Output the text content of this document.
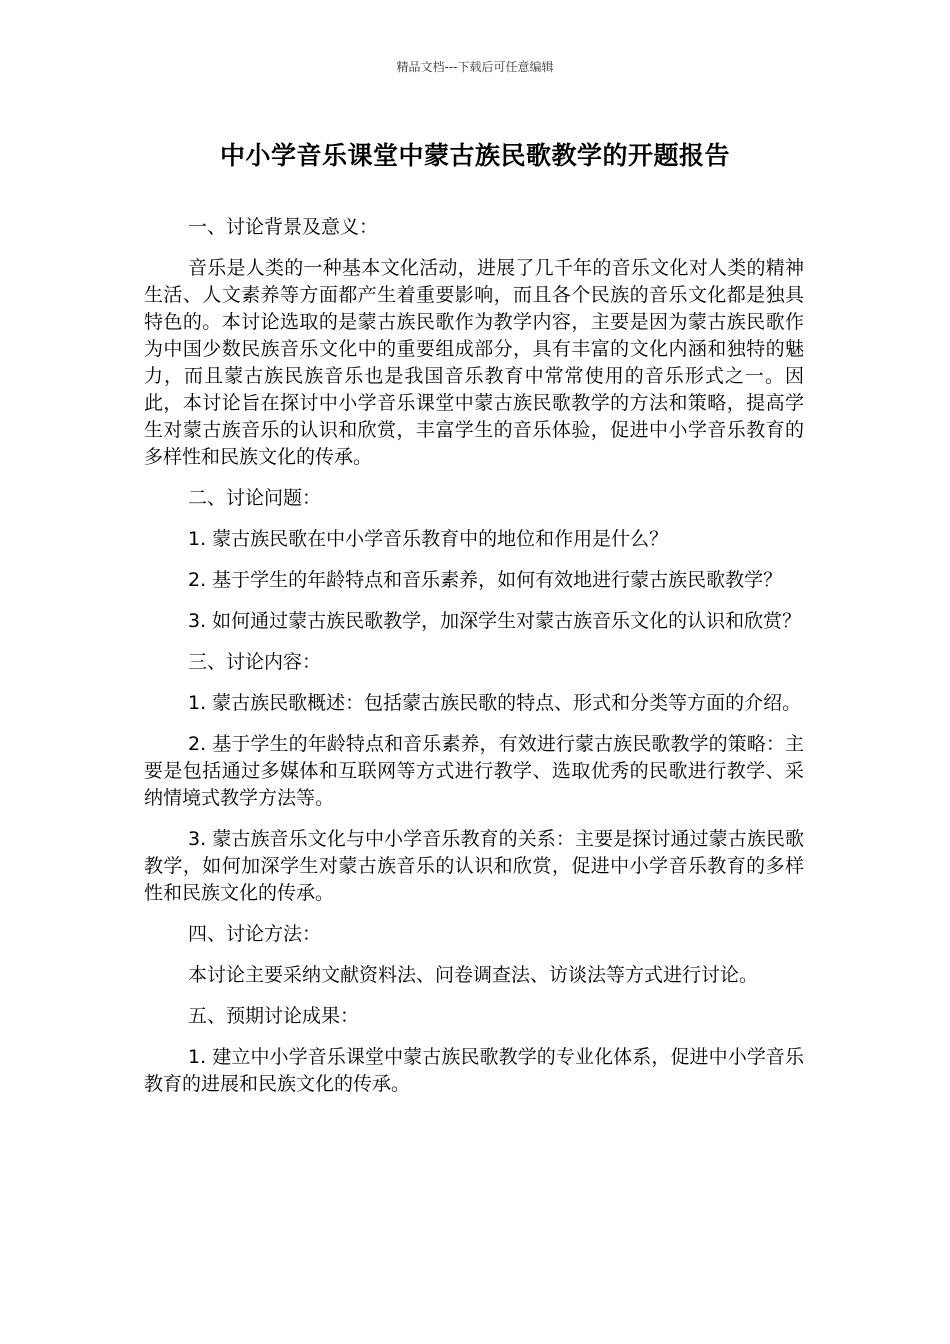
精品文档---下载后可任意编辑
中小学音乐课堂中蒙古族民歌教学的开题报告

一、讨论背景及意义：

音乐是人类的一种基本文化活动，进展了几千年的音乐文化对人类的精神生活、人文素养等方面都产生着重要影响，而且各个民族的音乐文化都是独具特色的。本讨论选取的是蒙古族民歌作为教学内容，主要是因为蒙古族民歌作为中国少数民族音乐文化中的重要组成部分，具有丰富的文化内涵和独特的魅力，而且蒙古族民族音乐也是我国音乐教育中常常使用的音乐形式之一。因此，本讨论旨在探讨中小学音乐课堂中蒙古族民歌教学的方法和策略，提高学生对蒙古族音乐的认识和欣赏，丰富学生的音乐体验，促进中小学音乐教育的多样性和民族文化的传承。

二、讨论问题：

1. 蒙古族民歌在中小学音乐教育中的地位和作用是什么？

2. 基于学生的年龄特点和音乐素养，如何有效地进行蒙古族民歌教学？

3. 如何通过蒙古族民歌教学，加深学生对蒙古族音乐文化的认识和欣赏？

三、讨论内容：

1. 蒙古族民歌概述：包括蒙古族民歌的特点、形式和分类等方面的介绍。

2. 基于学生的年龄特点和音乐素养，有效进行蒙古族民歌教学的策略：主要是包括通过多媒体和互联网等方式进行教学、选取优秀的民歌进行教学、采纳情境式教学方法等。

3. 蒙古族音乐文化与中小学音乐教育的关系：主要是探讨通过蒙古族民歌教学，如何加深学生对蒙古族音乐的认识和欣赏，促进中小学音乐教育的多样性和民族文化的传承。

四、讨论方法：

本讨论主要采纳文献资料法、问卷调查法、访谈法等方式进行讨论。

五、预期讨论成果：

1. 建立中小学音乐课堂中蒙古族民歌教学的专业化体系，促进中小学音乐教育的进展和民族文化的传承。
